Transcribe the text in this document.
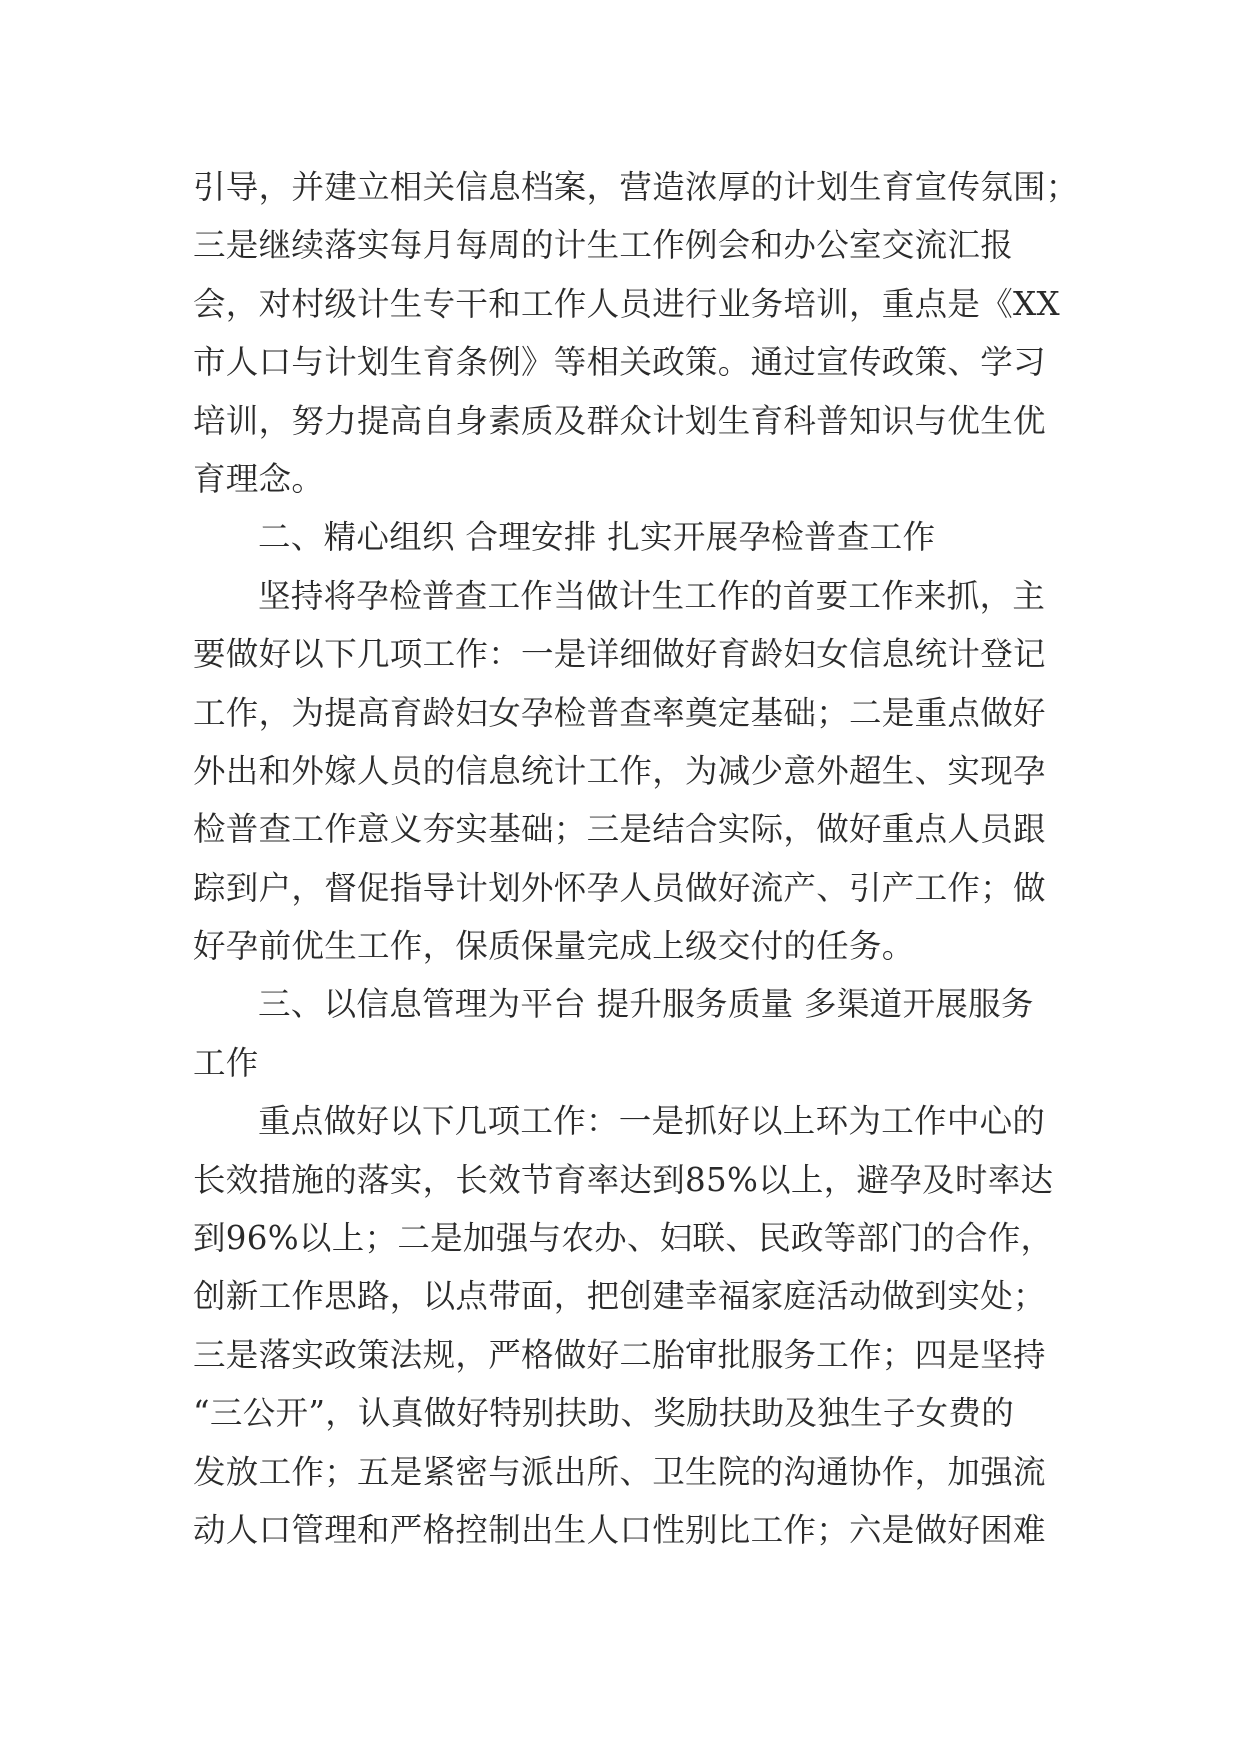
引导，并建立相关信息档案，营造浓厚的计划生育宣传氛围；
三是继续落实每月每周的计生工作例会和办公室交流汇报
会，对村级计生专干和工作人员进行业务培训，重点是《XX
市人口与计划生育条例》等相关政策。通过宣传政策、学习
培训，努力提高自身素质及群众计划生育科普知识与优生优
育理念。
二、精心组织 合理安排 扎实开展孕检普查工作
坚持将孕检普查工作当做计生工作的首要工作来抓，主
要做好以下几项工作：一是详细做好育龄妇女信息统计登记
工作，为提高育龄妇女孕检普查率奠定基础；二是重点做好
外出和外嫁人员的信息统计工作，为减少意外超生、实现孕
检普查工作意义夯实基础；三是结合实际，做好重点人员跟
踪到户，督促指导计划外怀孕人员做好流产、引产工作；做
好孕前优生工作，保质保量完成上级交付的任务。
三、以信息管理为平台 提升服务质量 多渠道开展服务
工作
重点做好以下几项工作：一是抓好以上环为工作中心的
长效措施的落实，长效节育率达到85%以上，避孕及时率达
到96%以上；二是加强与农办、妇联、民政等部门的合作，
创新工作思路，以点带面，把创建幸福家庭活动做到实处；
三是落实政策法规，严格做好二胎审批服务工作；四是坚持
“三公开”，认真做好特别扶助、奖励扶助及独生子女费的
发放工作；五是紧密与派出所、卫生院的沟通协作，加强流
动人口管理和严格控制出生人口性别比工作；六是做好困难
